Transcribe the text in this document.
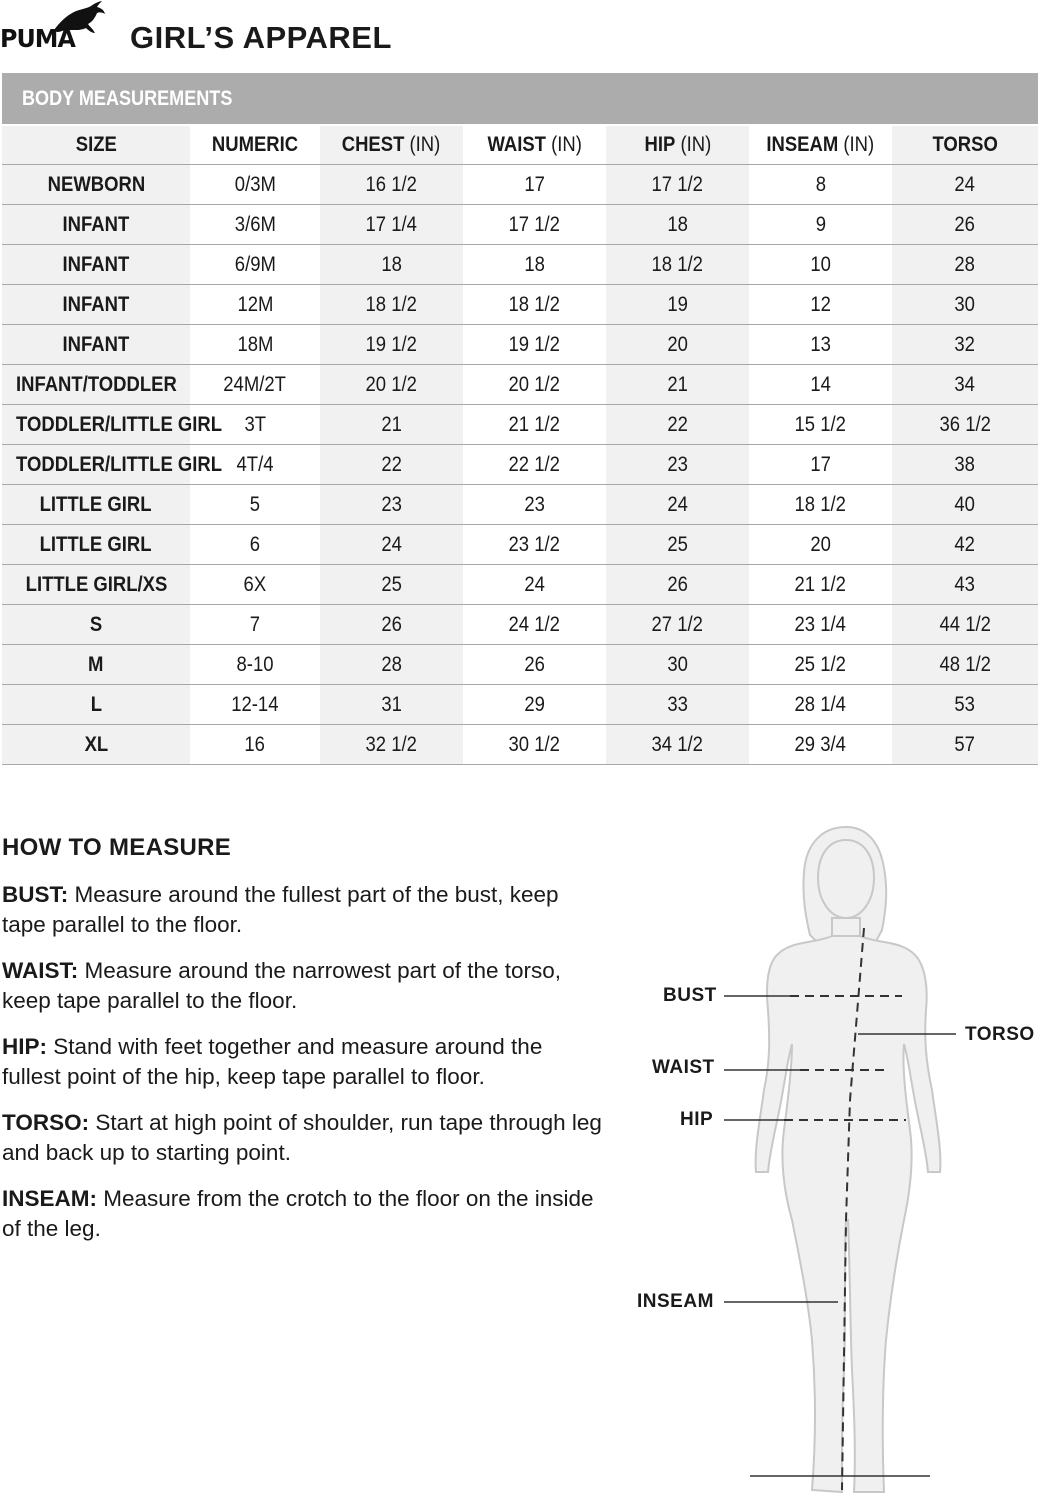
PUMA GIRL’S APPAREL
BODY MEASUREMENTS
SIZE	NUMERIC	CHEST (IN)	WAIST (IN)	HIP (IN)	INSEAM (IN)	TORSO
NEWBORN	0/3M	16 1/2	17	17 1/2	8	24
INFANT	3/6M	17 1/4	17 1/2	18	9	26
INFANT	6/9M	18	18	18 1/2	10	28
INFANT	12M	18 1/2	18 1/2	19	12	30
INFANT	18M	19 1/2	19 1/2	20	13	32
INFANT/TODDLER	24M/2T	20 1/2	20 1/2	21	14	34
TODDLER/LITTLE GIRL	3T	21	21 1/2	22	15 1/2	36 1/2
TODDLER/LITTLE GIRL	4T/4	22	22 1/2	23	17	38
LITTLE GIRL	5	23	23	24	18 1/2	40
LITTLE GIRL	6	24	23 1/2	25	20	42
LITTLE GIRL/XS	6X	25	24	26	21 1/2	43
S	7	26	24 1/2	27 1/2	23 1/4	44 1/2
M	8-10	28	26	30	25 1/2	48 1/2
L	12-14	31	29	33	28 1/4	53
XL	16	32 1/2	30 1/2	34 1/2	29 3/4	57
HOW TO MEASURE
BUST: Measure around the fullest part of the bust, keep tape parallel to the floor.
WAIST: Measure around the narrowest part of the torso, keep tape parallel to the floor.
HIP: Stand with feet together and measure around the fullest point of the hip, keep tape parallel to floor.
TORSO: Start at high point of shoulder, run tape through leg and back up to starting point.
INSEAM: Measure from the crotch to the floor on the inside of the leg.
BUST
WAIST
HIP
TORSO
INSEAM
